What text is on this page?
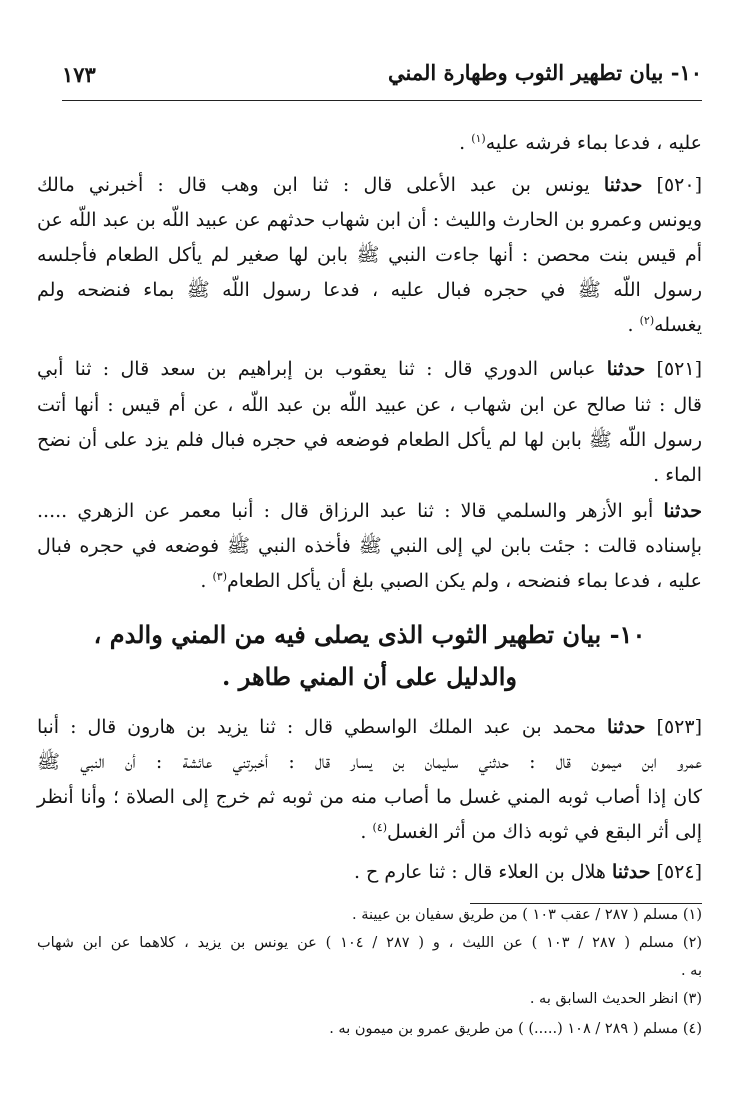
١٠- بيان تطهير الثوب وطهارة المني
١٧٣
عليه ، فدعا بماء فرشه عليه$^{(١)}$ .
[٥٢٠] حدثنا يونس بن عبد الأعلى قال : ثنا ابن وهب قال : أخبرني مالك
ويونس وعمرو بن الحارث والليث : أن ابن شهاب حدثهم عن عبيد اللّه بن عبد اللّه عن
أم قيس بنت محصن : أنها جاءت النبي ﷺ بابن لها صغير لم يأكل الطعام فأجلسه
رسول اللّه ﷺ في حجره فبال عليه ، فدعا رسول اللّه ﷺ بماء فنضحه ولم
يغسله$^{(٢)}$ .
[٥٢١] حدثنا عباس الدوري قال : ثنا يعقوب بن إبراهيم بن سعد قال : ثنا أبي
قال : ثنا صالح عن ابن شهاب ، عن عبيد اللّه بن عبد اللّه ، عن أم قيس : أنها أتت
رسول اللّه ﷺ بابن لها لم يأكل الطعام فوضعه في حجره فبال فلم يزد على أن نضح
الماء .
حدثنا أبو الأزهر والسلمي قالا : ثنا عبد الرزاق قال : أنبا معمر عن الزهري .....
بإسناده قالت : جئت بابن لي إلى النبي ﷺ فأخذه النبي ﷺ فوضعه في حجره فبال
عليه ، فدعا بماء فنضحه ، ولم يكن الصبي بلغ أن يأكل الطعام$^{(٣)}$ .
١٠- بيان تطهير الثوب الذى يصلى فيه من المني والدم ،
والدليل على أن المني طاهر .
[٥٢٣] حدثنا محمد بن عبد الملك الواسطي قال : ثنا يزيد بن هارون قال : أنبا
عمرو ابن ميمون قال : حدثني سليمان بن يسار قال : أخبرتني عائشة : أن النبي ﷺ
كان إذا أصاب ثوبه المني غسل ما أصاب منه من ثوبه ثم خرج إلى الصلاة ؛ وأنا أنظر
إلى أثر البقع في ثوبه ذاك من أثر الغسل$^{(٤)}$ .
[٥٢٤] حدثنا هلال بن العلاء قال : ثنا عارم ح .
(١) مسلم ( ٢٨٧ / عقب ١٠٣ ) من طريق سفيان بن عيينة .
(٢) مسلم ( ٢٨٧ / ١٠٣ ) عن الليث ، و ( ٢٨٧ / ١٠٤ ) عن يونس بن يزيد ، كلاهما عن ابن شهاب
به .
(٣) انظر الحديث السابق به .
(٤) مسلم ( ٢٨٩ / ١٠٨ (.....) ) من طريق عمرو بن ميمون به .
